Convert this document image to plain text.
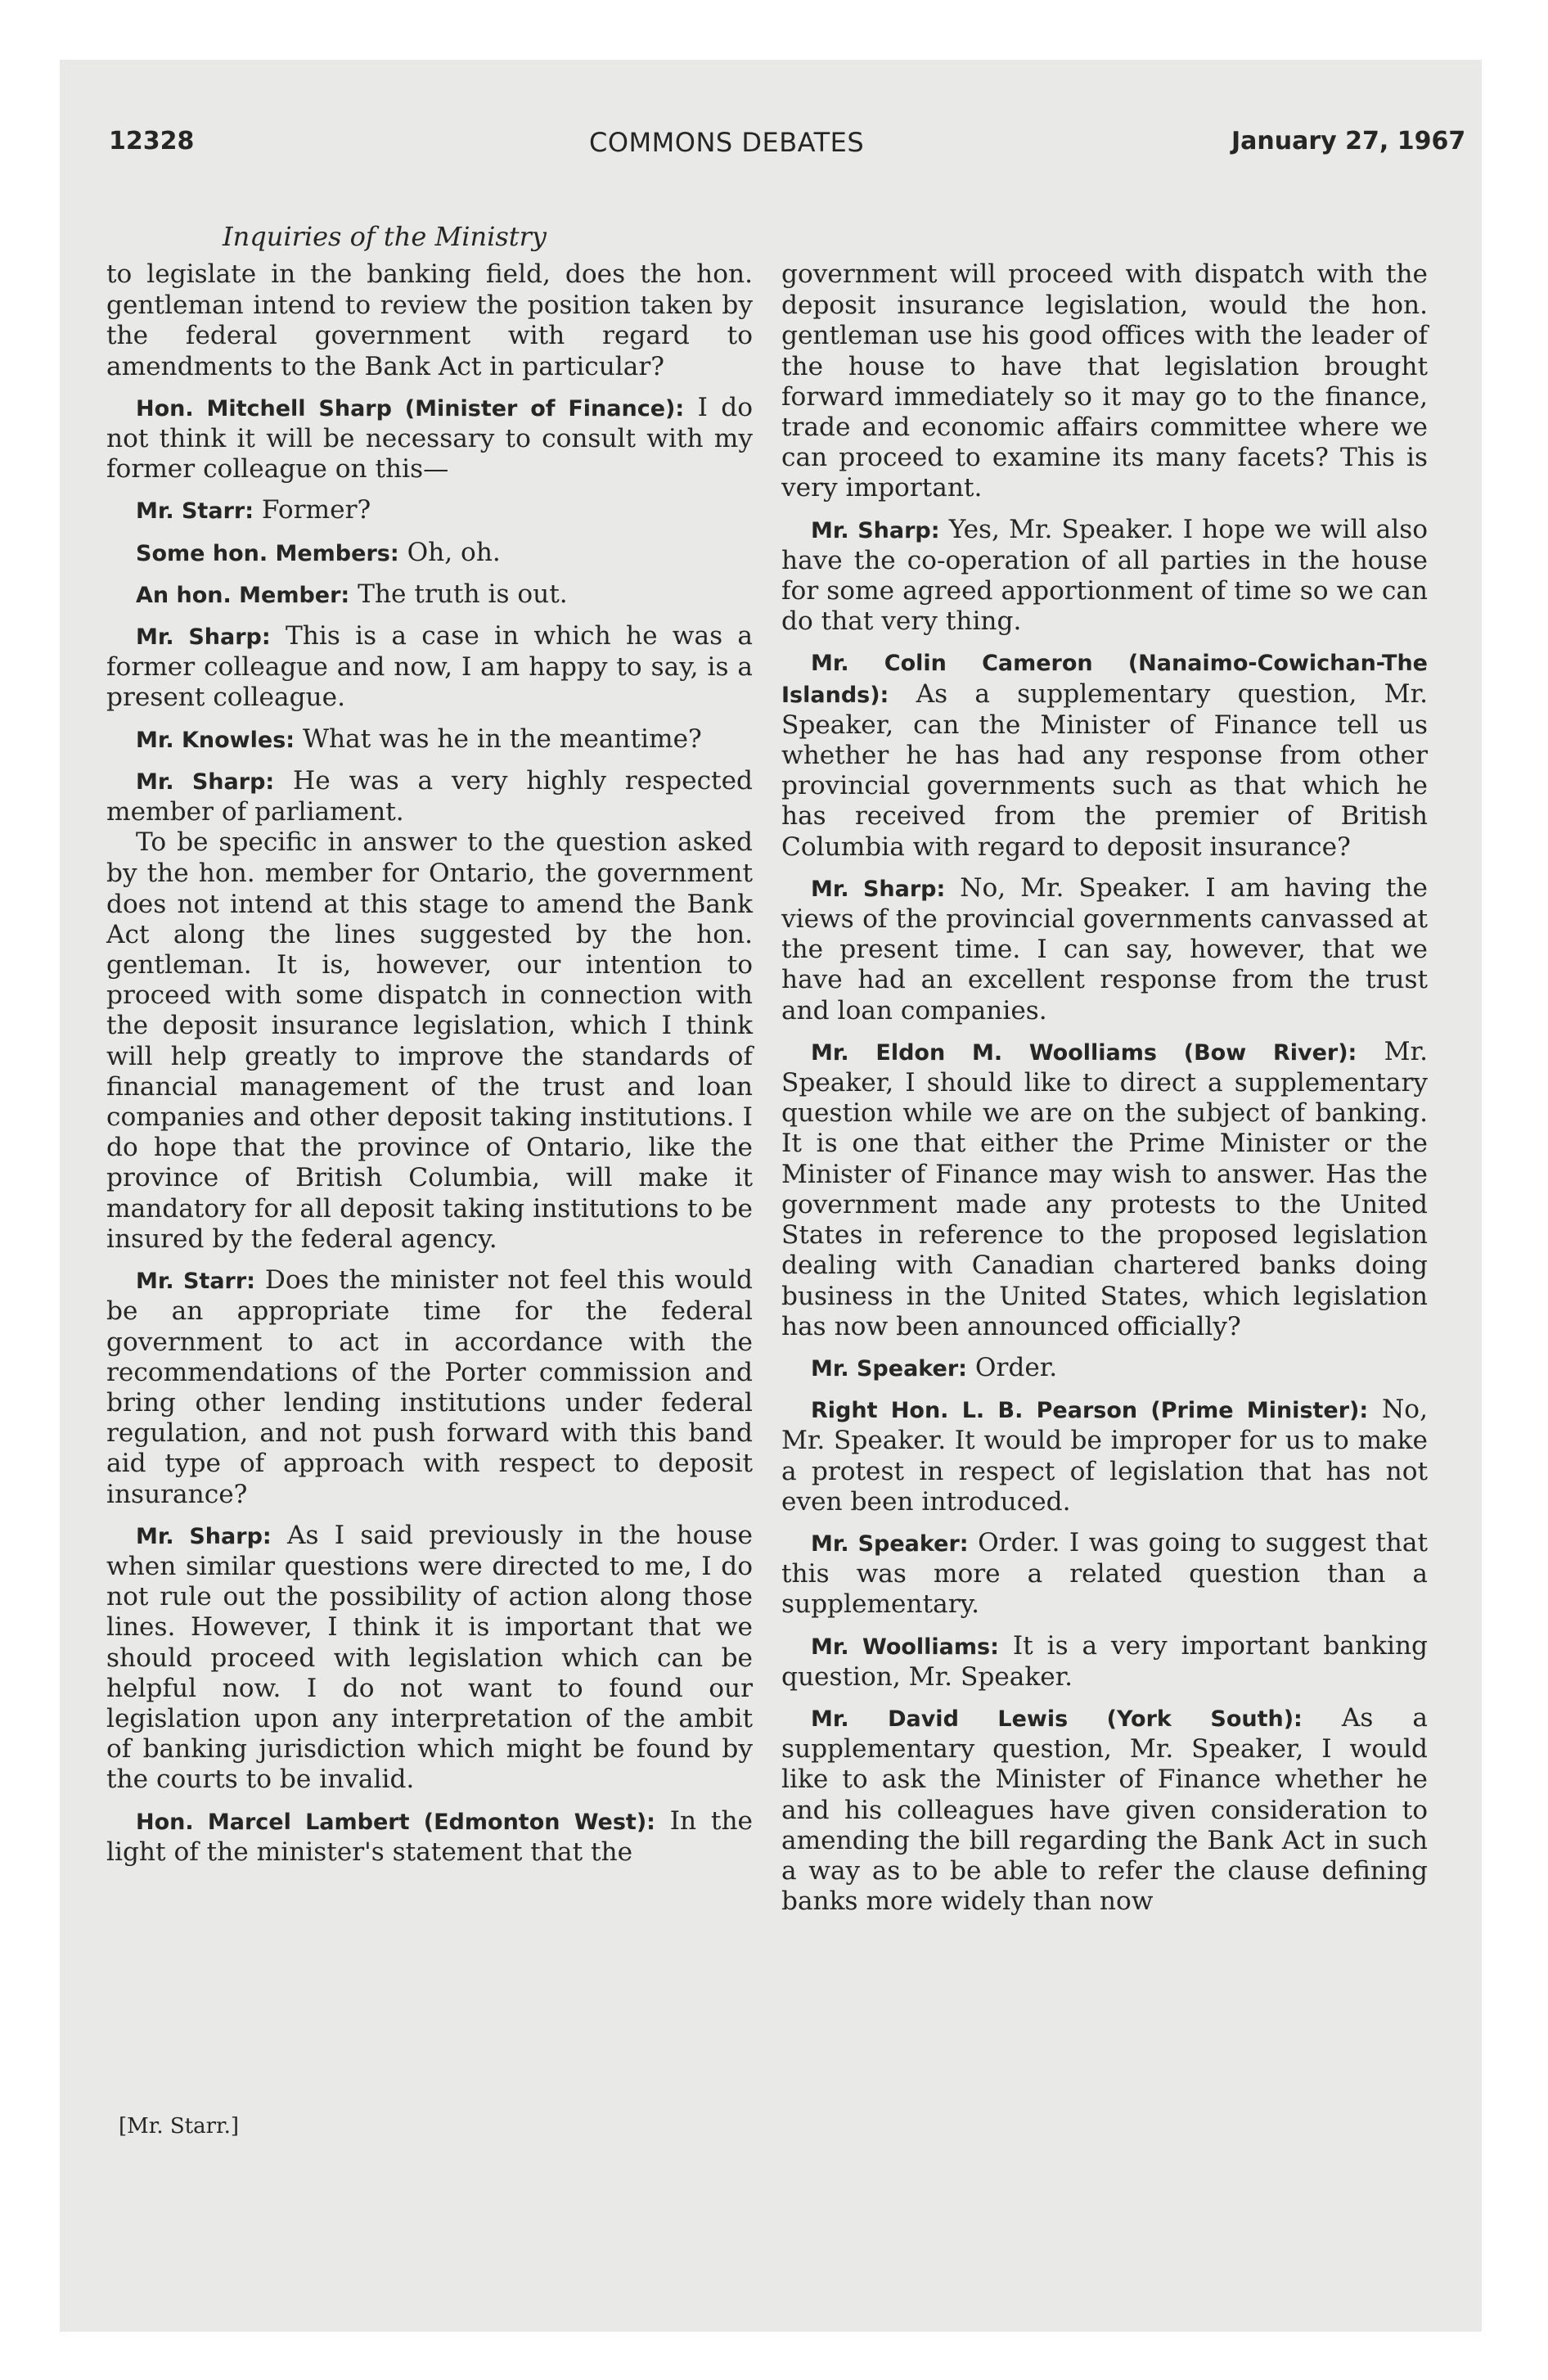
12328	COMMONS DEBATES	January 27, 1967
Inquiries of the Ministry

to legislate in the banking field, does the hon. gentleman intend to review the position taken by the federal government with regard to amendments to the Bank Act in particular?

Hon. Mitchell Sharp (Minister of Finance): I do not think it will be necessary to consult with my former colleague on this—

Mr. Starr: Former?

Some hon. Members: Oh, oh.

An hon. Member: The truth is out.

Mr. Sharp: This is a case in which he was a former colleague and now, I am happy to say, is a present colleague.

Mr. Knowles: What was he in the meantime?

Mr. Sharp: He was a very highly respected member of parliament.

To be specific in answer to the question asked by the hon. member for Ontario, the government does not intend at this stage to amend the Bank Act along the lines suggested by the hon. gentleman. It is, however, our intention to proceed with some dispatch in connection with the deposit insurance legislation, which I think will help greatly to improve the standards of financial management of the trust and loan companies and other deposit taking institutions. I do hope that the province of Ontario, like the province of British Columbia, will make it mandatory for all deposit taking institutions to be insured by the federal agency.

Mr. Starr: Does the minister not feel this would be an appropriate time for the federal government to act in accordance with the recommendations of the Porter commission and bring other lending institutions under federal regulation, and not push forward with this band aid type of approach with respect to deposit insurance?

Mr. Sharp: As I said previously in the house when similar questions were directed to me, I do not rule out the possibility of action along those lines. However, I think it is important that we should proceed with legislation which can be helpful now. I do not want to found our legislation upon any interpretation of the ambit of banking jurisdiction which might be found by the courts to be invalid.

Hon. Marcel Lambert (Edmonton West): In the light of the minister's statement that the

government will proceed with dispatch with the deposit insurance legislation, would the hon. gentleman use his good offices with the leader of the house to have that legislation brought forward immediately so it may go to the finance, trade and economic affairs committee where we can proceed to examine its many facets? This is very important.

Mr. Sharp: Yes, Mr. Speaker. I hope we will also have the co-operation of all parties in the house for some agreed apportionment of time so we can do that very thing.

Mr. Colin Cameron (Nanaimo-Cowichan-The Islands): As a supplementary question, Mr. Speaker, can the Minister of Finance tell us whether he has had any response from other provincial governments such as that which he has received from the premier of British Columbia with regard to deposit insurance?

Mr. Sharp: No, Mr. Speaker. I am having the views of the provincial governments canvassed at the present time. I can say, however, that we have had an excellent response from the trust and loan companies.

Mr. Eldon M. Woolliams (Bow River): Mr. Speaker, I should like to direct a supplementary question while we are on the subject of banking. It is one that either the Prime Minister or the Minister of Finance may wish to answer. Has the government made any protests to the United States in reference to the proposed legislation dealing with Canadian chartered banks doing business in the United States, which legislation has now been announced officially?

Mr. Speaker: Order.

Right Hon. L. B. Pearson (Prime Minister): No, Mr. Speaker. It would be improper for us to make a protest in respect of legislation that has not even been introduced.

Mr. Speaker: Order. I was going to suggest that this was more a related question than a supplementary.

Mr. Woolliams: It is a very important banking question, Mr. Speaker.

Mr. David Lewis (York South): As a supplementary question, Mr. Speaker, I would like to ask the Minister of Finance whether he and his colleagues have given consideration to amending the bill regarding the Bank Act in such a way as to be able to refer the clause defining banks more widely than now

[Mr. Starr.]
